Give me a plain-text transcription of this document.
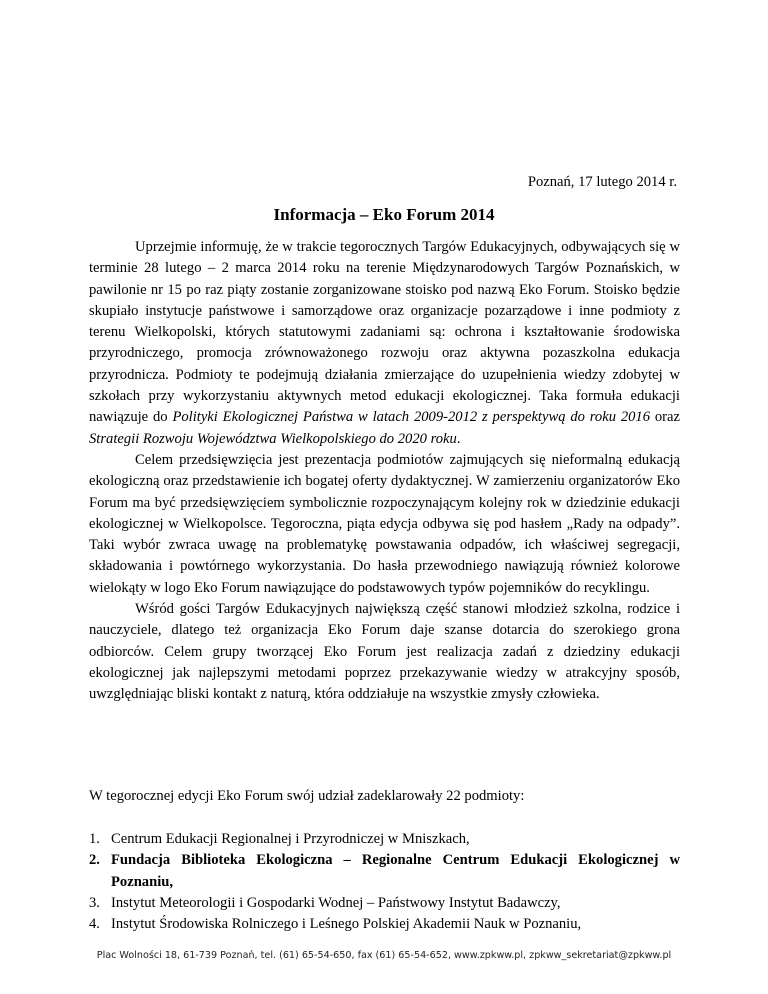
Poznań, 17 lutego 2014 r.
Informacja – Eko Forum 2014

Uprzejmie informuję, że w trakcie tegorocznych Targów Edukacyjnych, odbywających się w terminie 28 lutego – 2 marca 2014 roku na terenie Międzynarodowych Targów Poznańskich, w pawilonie nr 15 po raz piąty zostanie zorganizowane stoisko pod nazwą Eko Forum. Stoisko będzie skupiało instytucje państwowe i samorządowe oraz organizacje pozarządowe i inne podmioty z terenu Wielkopolski, których statutowymi zadaniami są: ochrona i kształtowanie środowiska przyrodniczego, promocja zrównoważonego rozwoju oraz aktywna pozaszkolna edukacja przyrodnicza. Podmioty te podejmują działania zmierzające do uzupełnienia wiedzy zdobytej w szkołach przy wykorzystaniu aktywnych metod edukacji ekologicznej. Taka formuła edukacji nawiązuje do Polityki Ekologicznej Państwa w latach 2009-2012 z perspektywą do roku 2016 oraz Strategii Rozwoju Województwa Wielkopolskiego do 2020 roku.

Celem przedsięwzięcia jest prezentacja podmiotów zajmujących się nieformalną edukacją ekologiczną oraz przedstawienie ich bogatej oferty dydaktycznej. W zamierzeniu organizatorów Eko Forum ma być przedsięwzięciem symbolicznie rozpoczynającym kolejny rok w dziedzinie edukacji ekologicznej w Wielkopolsce. Tegoroczna, piąta edycja odbywa się pod hasłem „Rady na odpady”. Taki wybór zwraca uwagę na problematykę powstawania odpadów, ich właściwej segregacji, składowania i powtórnego wykorzystania. Do hasła przewodniego nawiązują również kolorowe wielokąty w logo Eko Forum nawiązujące do podstawowych typów pojemników do recyklingu.

Wśród gości Targów Edukacyjnych największą część stanowi młodzież szkolna, rodzice i nauczyciele, dlatego też organizacja Eko Forum daje szanse dotarcia do szerokiego grona odbiorców. Celem grupy tworzącej Eko Forum jest realizacja zadań z dziedziny edukacji ekologicznej jak najlepszymi metodami poprzez przekazywanie wiedzy w atrakcyjny sposób, uwzględniając bliski kontakt z naturą, która oddziałuje na wszystkie zmysły człowieka.

W tegorocznej edycji Eko Forum swój udział zadeklarowały 22 podmioty:

1. Centrum Edukacji Regionalnej i Przyrodniczej w Mniszkach,
2. Fundacja Biblioteka Ekologiczna – Regionalne Centrum Edukacji Ekologicznej w Poznaniu,
3. Instytut Meteorologii i Gospodarki Wodnej – Państwowy Instytut Badawczy,
4. Instytut Środowiska Rolniczego i Leśnego Polskiej Akademii Nauk w Poznaniu,
Plac Wolności 18, 61-739 Poznań, tel. (61) 65-54-650, fax (61) 65-54-652, www.zpkww.pl, zpkww_sekretariat@zpkww.pl
